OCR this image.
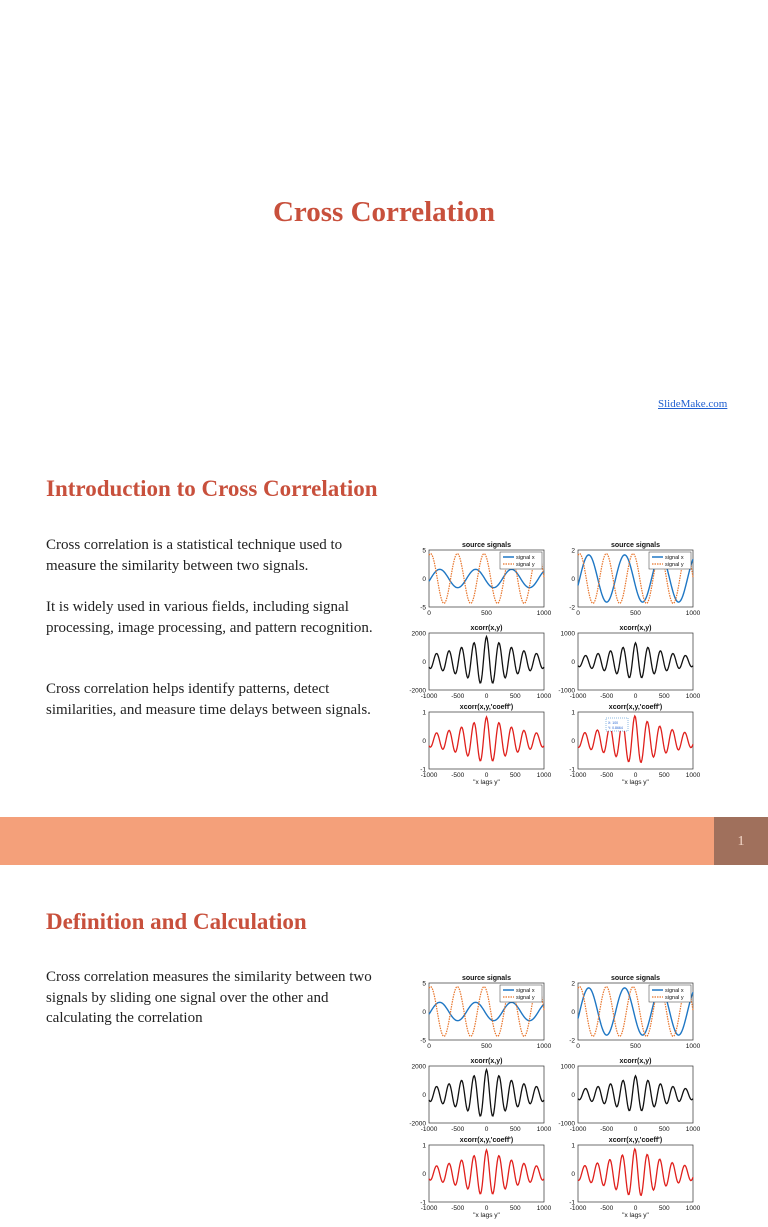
Cross Correlation
SlideMake.com
Introduction to Cross Correlation

Cross correlation is a statistical technique used to measure the similarity between two signals.

It is widely used in various fields, including signal processing, image processing, and pattern recognition.

Cross correlation helps identify patterns, detect similarities, and measure time delays between signals.

source signals
5
0
-5
0	500	1000
signal x
signal y
xcorr(x,y)
2000
0
-2000
-1000 -500	0	500 1000
xcorr(x,y,'coeff')
1
0
-1
-1000 -500	0	500 1000
"x lags y"
source signals
2
0
-2
0	500	1000
signal x
signal y
xcorr(x,y)
1000
0
-1000
-1000 -500	0	500 1000
xcorr(x,y,'coeff')
1
0
-1
-1000 -500	0	500 1000
"x lags y"
X: 100
Y: 0.8664
1
Definition and Calculation

Cross correlation measures the similarity between two signals by sliding one signal over the other and calculating the correlation

source signals
5
0
-5
0	500	1000
signal x
signal y
xcorr(x,y)
2000
0
-2000
-1000 -500	0	500 1000
xcorr(x,y,'coeff')
1
0
-1
-1000 -500	0	500 1000
"x lags y"
source signals
2
0
-2
0	500	1000
signal x
signal y
xcorr(x,y)
1000
0
-1000
-1000 -500	0	500 1000
xcorr(x,y,'coeff')
1
0
-1
-1000 -500	0	500 1000
"x lags y"
